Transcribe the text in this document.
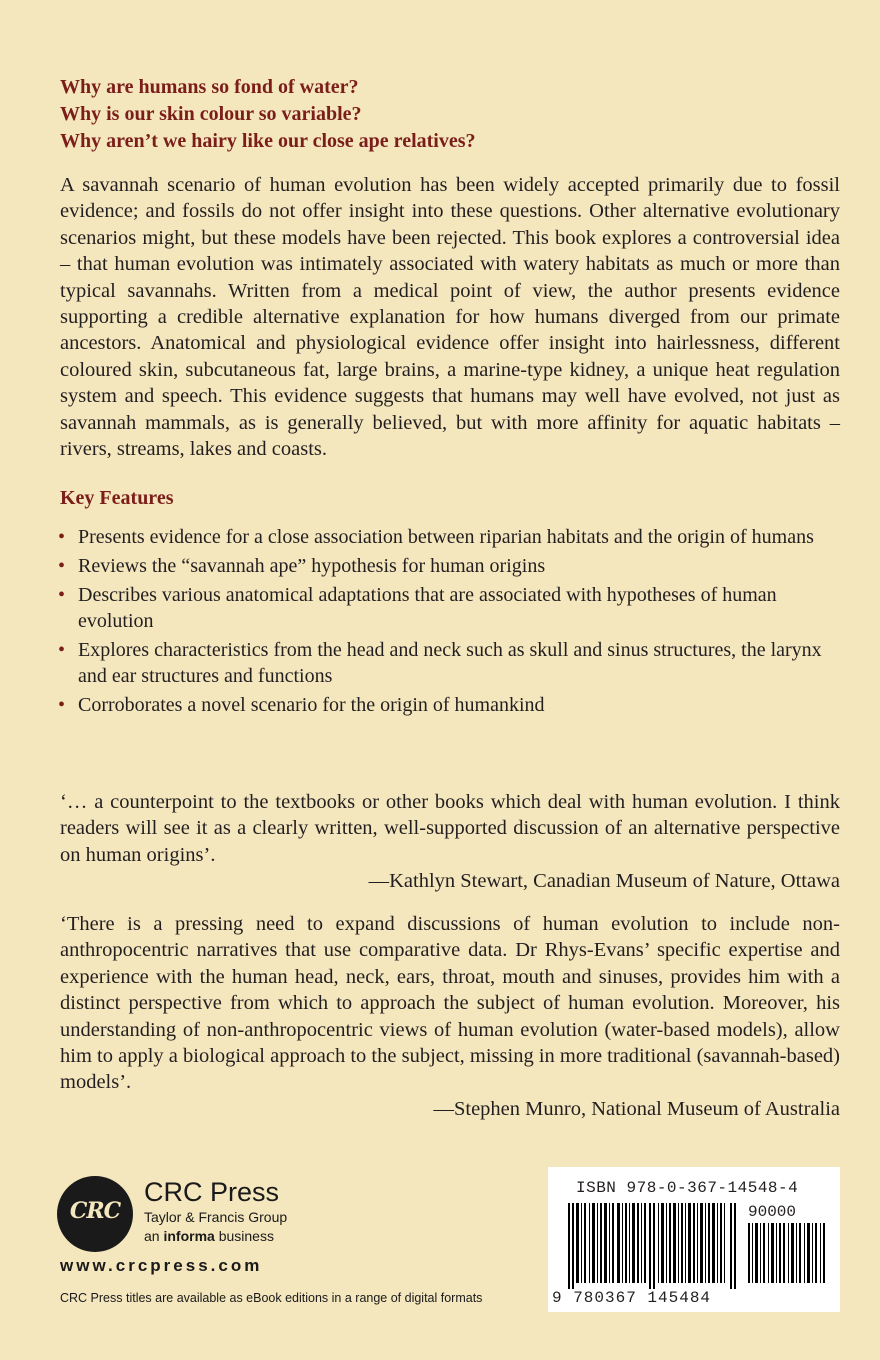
Why are humans so fond of water?
Why is our skin colour so variable?
Why aren’t we hairy like our close ape relatives?

A savannah scenario of human evolution has been widely accepted primarily due to fossil evidence; and fossils do not offer insight into these questions. Other alternative evolutionary scenarios might, but these models have been rejected. This book explores a controversial idea – that human evolution was intimately associated with watery habitats as much or more than typical savannahs. Written from a medical point of view, the author presents evidence supporting a credible alternative explanation for how humans diverged from our primate ancestors. Anatomical and physiological evidence offer insight into hairlessness, different coloured skin, subcutaneous fat, large brains, a marine-type kidney, a unique heat regulation system and speech. This evidence suggests that humans may well have evolved, not just as savannah mammals, as is generally believed, but with more affinity for aquatic habitats – rivers, streams, lakes and coasts.

Key Features
• Presents evidence for a close association between riparian habitats and the origin of humans
• Reviews the “savannah ape” hypothesis for human origins
• Describes various anatomical adaptations that are associated with hypotheses of human evolution
• Explores characteristics from the head and neck such as skull and sinus structures, the larynx and ear structures and functions
• Corroborates a novel scenario for the origin of humankind
‘… a counterpoint to the textbooks or other books which deal with human evolution. I think readers will see it as a clearly written, well-supported discussion of an alternative perspective on human origins’.
—Kathlyn Stewart, Canadian Museum of Nature, Ottawa
‘There is a pressing need to expand discussions of human evolution to include non-anthropocentric narratives that use comparative data. Dr Rhys-Evans’ specific expertise and experience with the human head, neck, ears, throat, mouth and sinuses, provides him with a distinct perspective from which to approach the subject of human evolution. Moreover, his understanding of non-anthropocentric views of human evolution (water-based models), allow him to apply a biological approach to the subject, missing in more traditional (savannah-based) models’.
—Stephen Munro, National Museum of Australia
CRC
CRC Press
Taylor & Francis Group
an informa business
www.crcpress.com
CRC Press titles are available as eBook editions in a range of digital formats
ISBN 978-0-367-14548-4
90000
9 780367 145484
